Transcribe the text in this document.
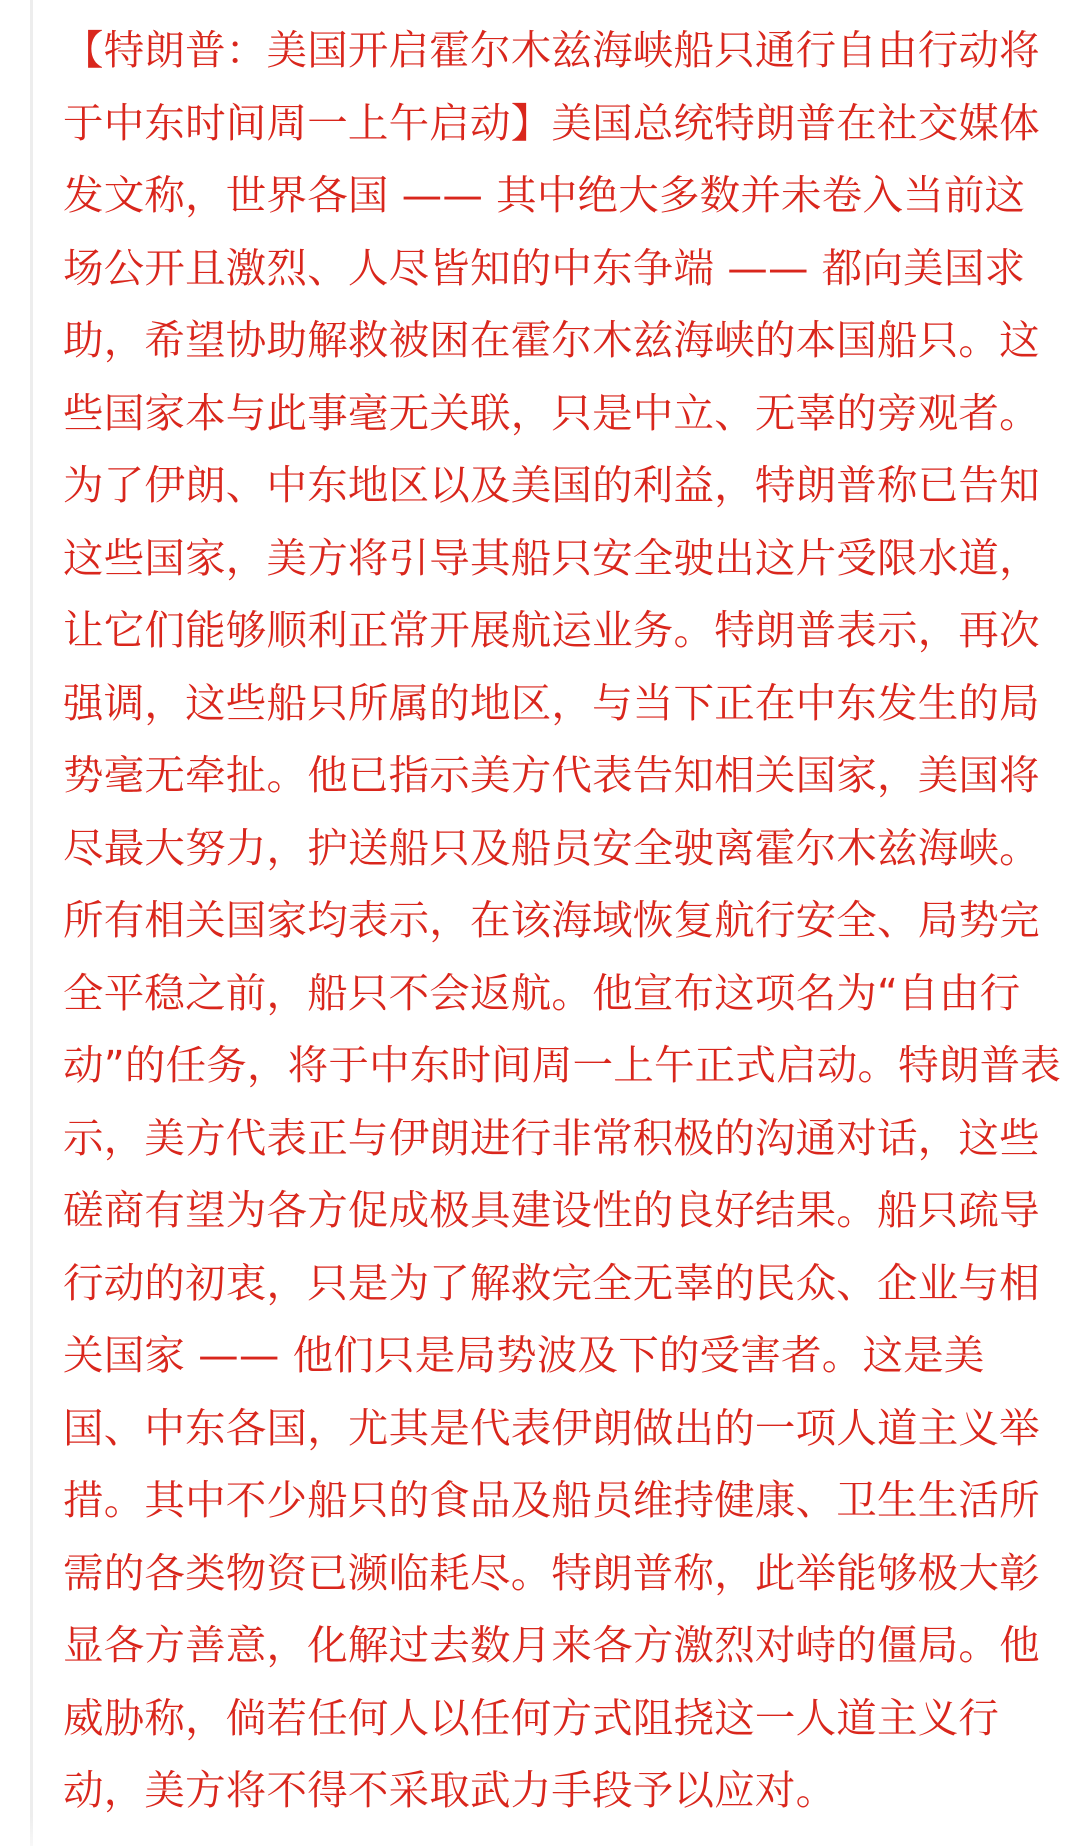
【特朗普：美国开启霍尔木兹海峡船只通行自由行动将于中东时间周一上午启动】美国总统特朗普在社交媒体发文称，世界各国 —— 其中绝大多数并未卷入当前这场公开且激烈、人尽皆知的中东争端 —— 都向美国求助，希望协助解救被困在霍尔木兹海峡的本国船只。这些国家本与此事毫无关联，只是中立、无辜的旁观者。为了伊朗、中东地区以及美国的利益，特朗普称已告知这些国家，美方将引导其船只安全驶出这片受限水道，让它们能够顺利正常开展航运业务。特朗普表示，再次强调，这些船只所属的地区，与当下正在中东发生的局势毫无牵扯。他已指示美方代表告知相关国家，美国将尽最大努力，护送船只及船员安全驶离霍尔木兹海峡。所有相关国家均表示，在该海域恢复航行安全、局势完全平稳之前，船只不会返航。他宣布这项名为“自由行动”的任务，将于中东时间周一上午正式启动。特朗普表示，美方代表正与伊朗进行非常积极的沟通对话，这些磋商有望为各方促成极具建设性的良好结果。船只疏导行动的初衷，只是为了解救完全无辜的民众、企业与相关国家 —— 他们只是局势波及下的受害者。这是美国、中东各国，尤其是代表伊朗做出的一项人道主义举措。其中不少船只的食品及船员维持健康、卫生生活所需的各类物资已濒临耗尽。特朗普称，此举能够极大彰显各方善意，化解过去数月来各方激烈对峙的僵局。他威胁称，倘若任何人以任何方式阻挠这一人道主义行动，美方将不得不采取武力手段予以应对。
